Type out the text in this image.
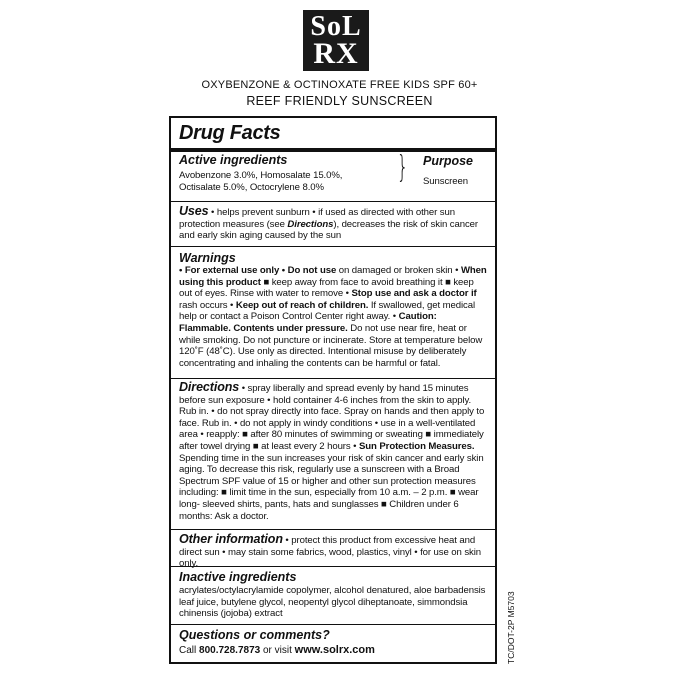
SoL
RX
OXYBENZONE & OCTINOXATE FREE KIDS SPF 60+
REEF FRIENDLY SUNSCREEN
Drug Facts
Active ingredients
Avobenzone 3.0%, Homosalate 15.0%,
Octisalate 5.0%, Octocrylene 8.0%
} Purpose
Sunscreen
Uses • helps prevent sunburn • if used as directed with other sun protection measures (see Directions), decreases the risk of skin cancer and early skin aging caused by the sun
Warnings
• For external use only • Do not use on damaged or broken skin • When using this product ■ keep away from face to avoid breathing it ■ keep out of eyes. Rinse with water to remove • Stop use and ask a doctor if rash occurs • Keep out of reach of children. If swallowed, get medical help or contact a Poison Control Center right away. • Caution: Flammable. Contents under pressure. Do not use near fire, heat or while smoking. Do not puncture or incinerate. Store at temperature below 120˚F (48˚C). Use only as directed. Intentional misuse by deliberately concentrating and inhaling the contents can be harmful or fatal.
Directions • spray liberally and spread evenly by hand 15 minutes before sun exposure • hold container 4-6 inches from the skin to apply. Rub in. • do not spray directly into face. Spray on hands and then apply to face. Rub in. • do not apply in windy conditions • use in a well-ventilated area • reapply: ■ after 80 minutes of swimming or sweating ■ immediately after towel drying ■ at least every 2 hours • Sun Protection Measures. Spending time in the sun increases your risk of skin cancer and early skin aging. To decrease this risk, regularly use a sunscreen with a Broad Spectrum SPF value of 15 or higher and other sun protection measures including: ■ limit time in the sun, especially from 10 a.m. – 2 p.m. ■ wear long- sleeved shirts, pants, hats and sunglasses ■ Children under 6 months: Ask a doctor.
Other information • protect this product from excessive heat and direct sun • may stain some fabrics, wood, plastics, vinyl • for use on skin only.
Inactive ingredients
acrylates/octylacrylamide copolymer, alcohol denatured, aloe barbadensis leaf juice, butylene glycol, neopentyl glycol diheptanoate, simmondsia chinensis (jojoba) extract
Questions or comments?
Call 800.728.7873 or visit www.solrx.com	TC/DOT-2P M5703
